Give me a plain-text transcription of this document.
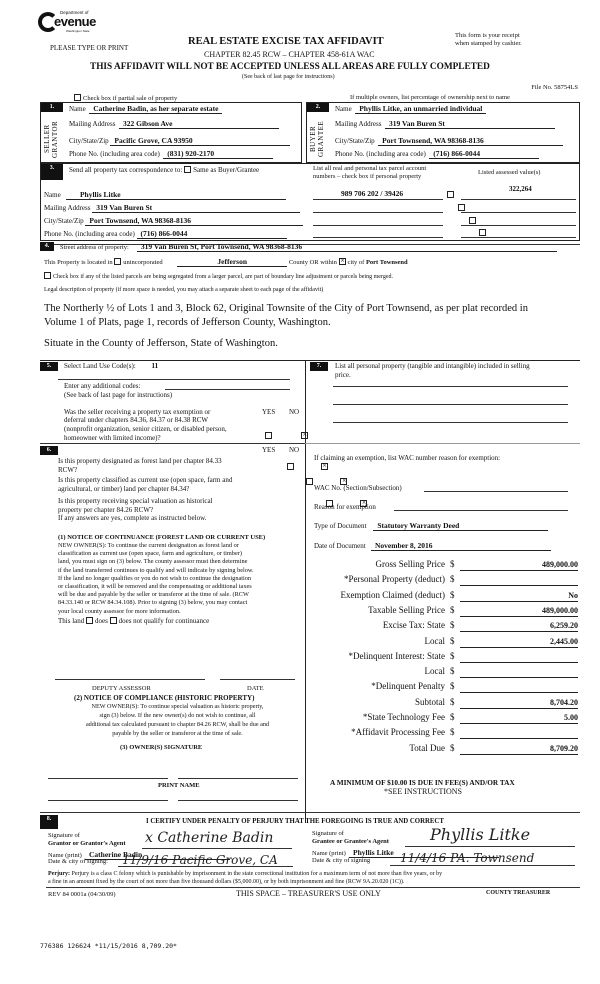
Department of
evenue
Washington State
PLEASE TYPE OR PRINT
REAL ESTATE EXCISE TAX AFFIDAVIT
CHAPTER 82.45 RCW – CHAPTER 458-61A WAC
This form is your receipt
when stamped by cashier.
THIS AFFIDAVIT WILL NOT BE ACCEPTED UNLESS ALL AREAS ARE FULLY COMPLETED
(See back of last page for instructions)
File No. 58754LS
Check box if partial sale of property	If multiple owners, list percentage of ownership next to name
1.
SELLER GRANTOR
Name Catherine Badin, as her separate estate
Mailing Address 322 Gibson Ave
City/State/Zip Pacific Grove, CA 93950
Phone No. (including area code) (831) 920-2170
2.
BUYER GRANTEE
Name Phyllis Litke, an unmarried individual
Mailing Address 319 Van Buren St
City/State/Zip Port Townsend, WA 98368-8136
Phone No. (including area code) (716) 866-0044
3.	Send all property tax correspondence to: Same as Buyer/Grantee
Name	Phyllis Litke
Mailing Address 319 Van Buren St
City/State/Zip Port Townsend, WA 98368-8136
Phone No. (including area code) (716) 866-0044
List all real and personal tax parcel account
numbers – check box if personal property
Listed assessed value(s)
989 706 202 / 39426	322,264

4.	Street address of property: 319 Van Buren St, Port Townsend, WA 98368-8136
This Property is located in unincorporated	Jefferson	County OR within × city of Port Townsend
Check box if any of the listed parcels are being segregated from a larger parcel, are part of boundary line adjustment or parcels being merged.
Legal description of property (if more space is needed, you may attach a separate sheet to each page of the affidavit)
The Northerly ½ of Lots 1 and 3, Block 62, Original Townsite of the City of Port Townsend, as per plat recorded in
Volume 1 of Plats, page 1, records of Jefferson County, Washington.
Situate in the County of Jefferson, State of Washington.
5.	Select Land Use Code(s): 11
Enter any additional codes:
(See back of last page for instructions)
Was the seller receiving a property tax exemption or
deferral under chapters 84.36, 84.37 or 84.38 RCW
(nonprofit organization, senior citizen, or disabled person,
homeowner with limited income)?
YES NO
×
6.	YES NO
Is this property designated as forest land per chapter 84.33
RCW?
×
Is this property classified as current use (open space, farm and
agricultural, or timber) land per chapter 84.34?
×
Is this property receiving special valuation as historical
property per chapter 84.26 RCW?
×
If any answers are yes, complete as instructed below.
(1) NOTICE OF CONTINUANCE (FOREST LAND OR CURRENT USE)
NEW OWNER(S): To continue the current designation as forest land or
classification as current use (open space, farm and agriculture, or timber)
land, you must sign on (3) below. The county assessor must then determine
if the land transferred continues to qualify and will indicate by signing below.
If the land no longer qualifies or you do not wish to continue the designation
or classification, it will be removed and the compensating or additional taxes
will be due and payable by the seller or transferor at the time of sale. (RCW
84.33.140 or RCW 84.34.108). Prior to signing (3) below, you may contact
your local county assessor for more information.
This land does does not qualify for continuance
DEPUTY ASSESSOR	DATE
(2) NOTICE OF COMPLIANCE (HISTORIC PROPERTY)
NEW OWNER(S): To continue special valuation as historic property,
sign (3) below. If the new owner(s) do not wish to continue, all
additional tax calculated pursuant to chapter 84.26 RCW, shall be due and
payable by the seller or transferor at the time of sale.
(3) OWNER(S) SIGNATURE
PRINT NAME
7.	List all personal property (tangible and intangible) included in selling
price.
If claiming an exemption, list WAC number reason for exemption:
WAC No. (Section/Subsection)
Reason for exemption
Type of Document Statutory Warranty Deed
Date of Document November 8, 2016
Gross Selling Price $	489,000.00
*Personal Property (deduct) $
Exemption Claimed (deduct) $	No
Taxable Selling Price $	489,000.00
Excise Tax: State $	6,259.20
Local $	2,445.00
*Delinquent Interest: State $
Local $
*Delinquent Penalty $
Subtotal $	8,704.20
*State Technology Fee $	5.00
*Affidavit Processing Fee $
Total Due $	8,709.20
A MINIMUM OF $10.00 IS DUE IN FEE(S) AND/OR TAX
*SEE INSTRUCTIONS
8.	I CERTIFY UNDER PENALTY OF PERJURY THAT THE FOREGOING IS TRUE AND CORRECT
Signature of
Grantor or Grantor's Agent x Catherine Badin
Name (print) Catherine Badin
Date & city of signing: 11/9/16 Pacific Grove, CA
Signature of
Grantee or Grantee's Agent	Phyllis Litke
Name (print) Phyllis Litke
Date & city of signing 11/4/16 PA. Townsend
Perjury: Perjury is a class C felony which is punishable by imprisonment in the state correctional institution for a maximum term of not more than five years, or by
a fine in an amount fixed by the court of not more than five thousand dollars ($5,000.00), or by both imprisonment and fine (RCW 9A.20.020 (1C)).
REV 84 0001a (04/30/09)	THIS SPACE – TREASURER'S USE ONLY	COUNTY TREASURER
776386 126624 *11/15/2016 8,709.20*
